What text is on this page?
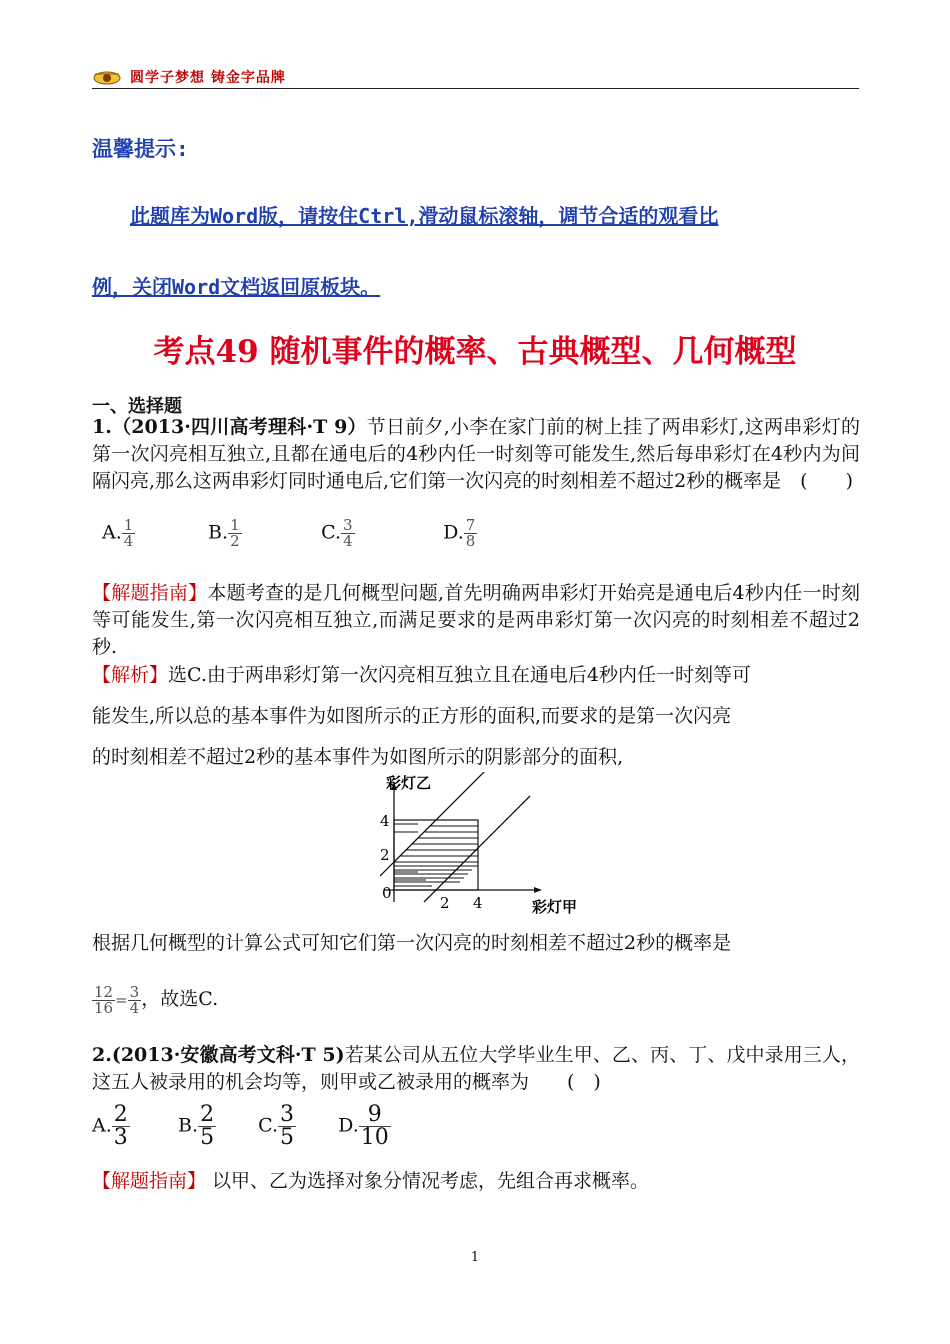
圆学子梦想 铸金字品牌
温馨提示:
此题库为Word版，请按住Ctrl,滑动鼠标滚轴，调节合适的观看比
例，关闭Word文档返回原板块。
考点49 随机事件的概率、古典概型、几何概型
一、选择题
1.（2013·四川高考理科·T 9）节日前夕,小李在家门前的树上挂了两串彩灯,这两串彩灯的第一次闪亮相互独立,且都在通电后的4秒内任一时刻等可能发生,然后每串彩灯在4秒内为间隔闪亮,那么这两串彩灯同时通电后,它们第一次闪亮的时刻相差不超过2秒的概率是　(　　)
A. $\frac{1}{4}$	B. $\frac{1}{2}$	C. $\frac{3}{4}$	D. $\frac{7}{8}$
【解题指南】本题考查的是几何概型问题,首先明确两串彩灯开始亮是通电后4秒内任一时刻等可能发生,第一次闪亮相互独立,而满足要求的是两串彩灯第一次闪亮的时刻相差不超过2秒.
【解析】选C.由于两串彩灯第一次闪亮相互独立且在通电后4秒内任一时刻等可
能发生,所以总的基本事件为如图所示的正方形的面积,而要求的是第一次闪亮
的时刻相差不超过2秒的基本事件为如图所示的阴影部分的面积,
彩灯乙
彩灯甲
4
2
0
2 4
根据几何概型的计算公式可知它们第一次闪亮的时刻相差不超过2秒的概率是
$\frac{12}{16} = \frac{3}{4}$ ，故选C.
2.(2013·安徽高考文科·T 5)若某公司从五位大学毕业生甲、乙、丙、丁、戊中录用三人，这五人被录用的机会均等，则甲或乙被录用的概率为　　(　)
A. $\frac{2}{3}$	B. $\frac{2}{5} C$. $\frac{3}{5} D$. $\frac{9}{10}$
【解题指南】 以甲、乙为选择对象分情况考虑，先组合再求概率。
1
